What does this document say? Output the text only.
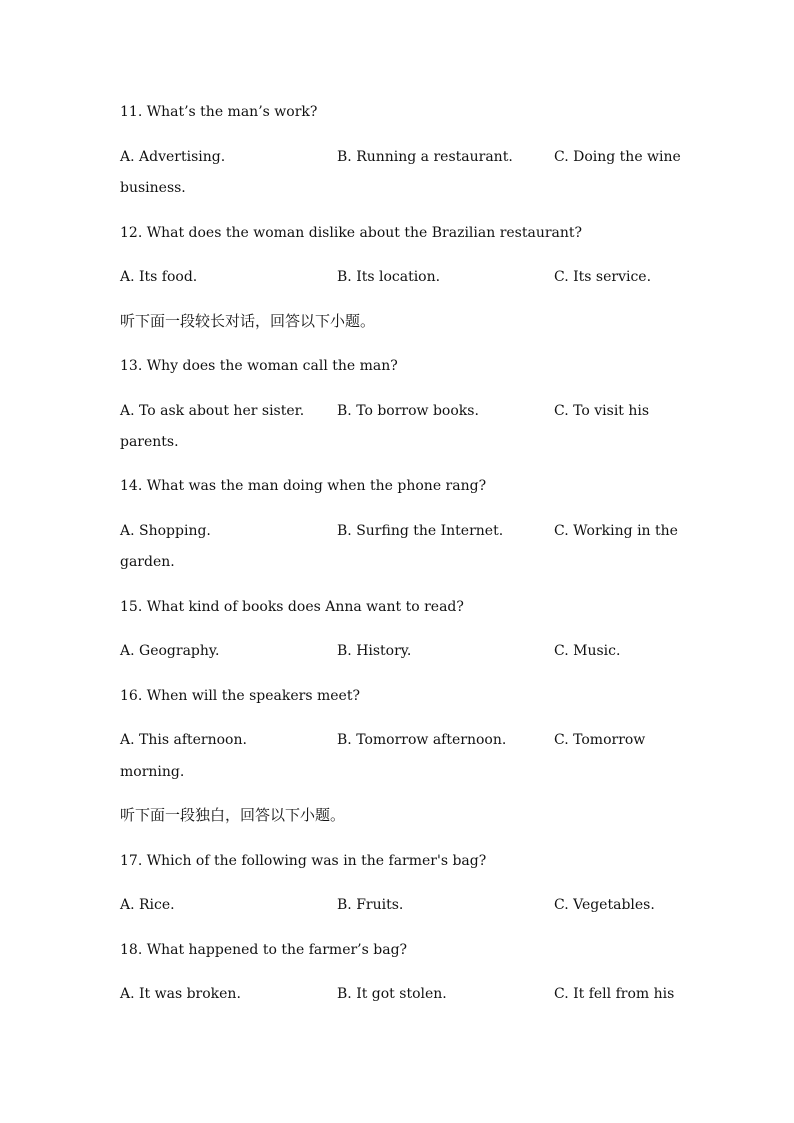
11. What’s the man’s work?
A. Advertising.	B. Running a restaurant.	C. Doing the wine
business.
12. What does the woman dislike about the Brazilian restaurant?
A. Its food.	B. Its location.	C. Its service.
听下面一段较长对话，回答以下小题。
13. Why does the woman call the man?
A. To ask about her sister. B. To borrow books.	C. To visit his
parents.
14. What was the man doing when the phone rang?
A. Shopping.	B. Surfing the Internet.	C. Working in the
garden.
15. What kind of books does Anna want to read?
A. Geography.	B. History.	C. Music.
16. When will the speakers meet?
A. This afternoon.	B. Tomorrow afternoon.	C. Tomorrow
morning.
听下面一段独白，回答以下小题。
17. Which of the following was in the farmer's bag?
A. Rice.	B. Fruits.	C. Vegetables.
18. What happened to the farmer’s bag?
A. It was broken.	B. It got stolen.	C. It fell from his
